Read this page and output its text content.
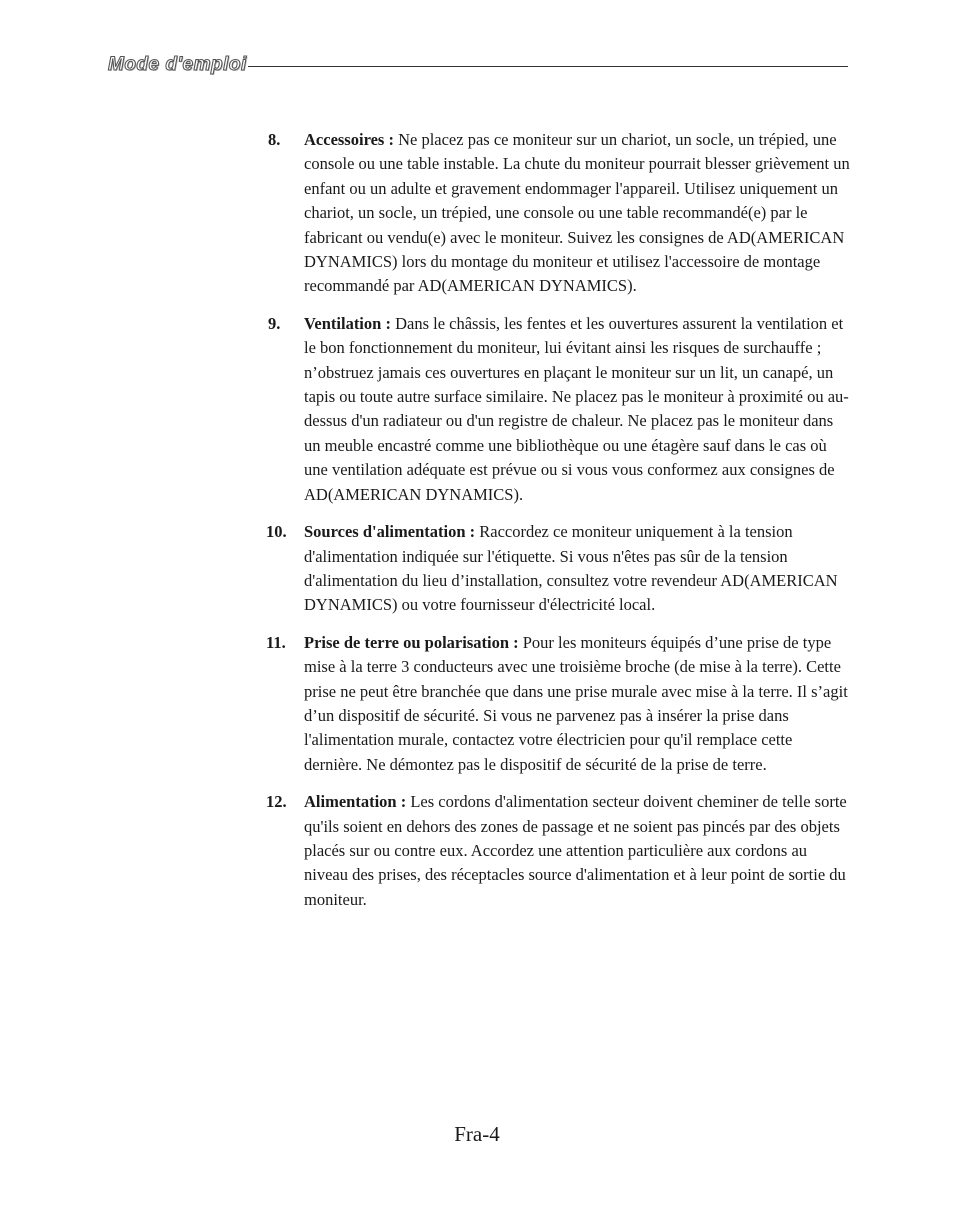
Mode d'emploi
8.	Accessoires : Ne placez pas ce moniteur sur un chariot, un socle, un trépied, une console ou une table instable. La chute du moniteur pourrait blesser grièvement un enfant ou un adulte et gravement endommager l'appareil. Utilisez uniquement un chariot, un socle, un trépied, une console ou une table recommandé(e) par le fabricant ou vendu(e) avec le moniteur. Suivez les consignes de AD(AMERICAN DYNAMICS) lors du montage du moniteur et utilisez l'accessoire de montage recommandé par AD(AMERICAN DYNAMICS).

9.	Ventilation : Dans le châssis, les fentes et les ouvertures assurent la ventilation et le bon fonctionnement du moniteur, lui évitant ainsi les risques de surchauffe ; n’obstruez jamais ces ouvertures en plaçant le moniteur sur un lit, un canapé, un tapis ou toute autre surface similaire. Ne placez pas le moniteur à proximité ou au-dessus d'un radiateur ou d'un registre de chaleur. Ne placez pas le moniteur dans un meuble encastré comme une bibliothèque ou une étagère sauf dans le cas où une ventilation adéquate est prévue ou si vous vous conformez aux consignes de AD(AMERICAN DYNAMICS).

10.	Sources d'alimentation : Raccordez ce moniteur uniquement à la tension d'alimentation indiquée sur l'étiquette. Si vous n'êtes pas sûr de la tension d'alimentation du lieu d’installation, consultez votre revendeur AD(AMERICAN DYNAMICS) ou votre fournisseur d'électricité local.

11.	Prise de terre ou polarisation : Pour les moniteurs équipés d’une prise de type mise à la terre 3 conducteurs avec une troisième broche (de mise à la terre). Cette prise ne peut être branchée que dans une prise murale avec mise à la terre. Il s’agit d’un dispositif de sécurité. Si vous ne parvenez pas à insérer la prise dans l'alimentation murale, contactez votre électricien pour qu'il remplace cette dernière. Ne démontez pas le dispositif de sécurité de la prise de terre.

12.	Alimentation : Les cordons d'alimentation secteur doivent cheminer de telle sorte qu'ils soient en dehors des zones de passage et ne soient pas pincés par des objets placés sur ou contre eux. Accordez une attention particulière aux cordons au niveau des prises, des réceptacles source d'alimentation et à leur point de sortie du moniteur.

Fra-4
